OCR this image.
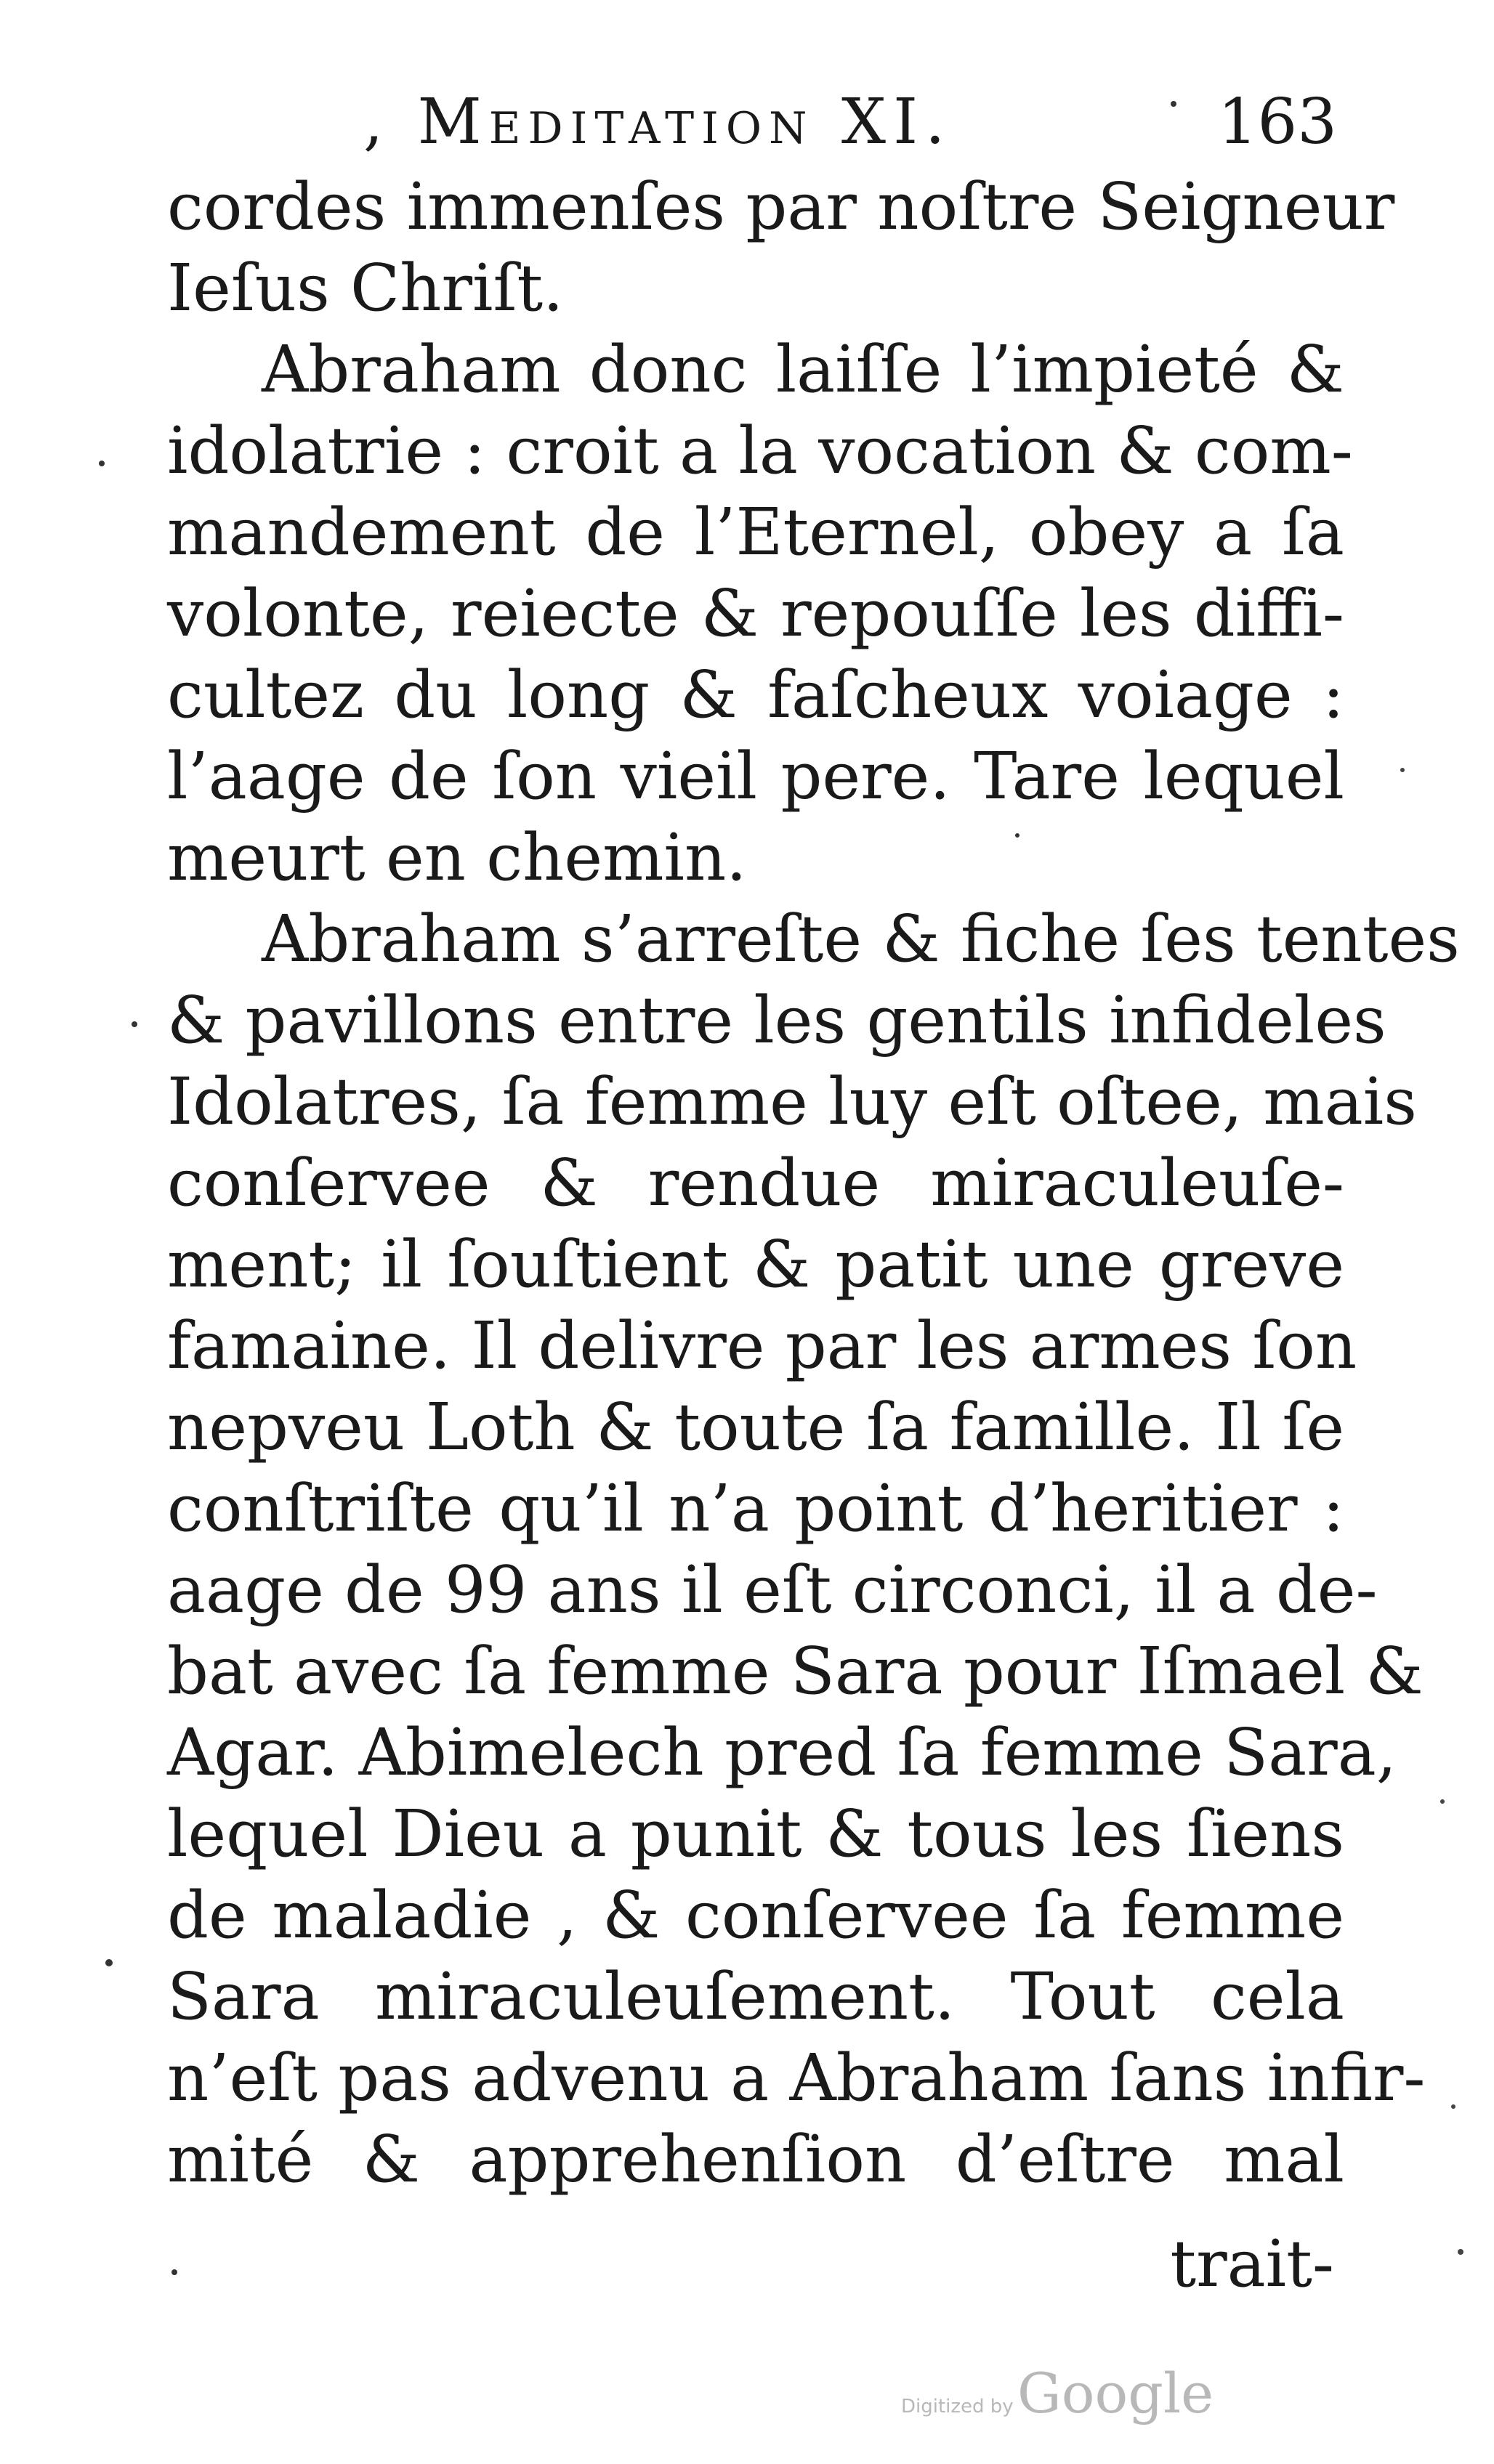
, Meditation XI.	163
cordes immenſes par noſtre Seigneur
Ieſus Chriſt.
Abraham donc laiſſe l’impieté &
idolatrie : croit a la vocation & com-
mandement de l’Eternel, obey a ſa
volonte, reiecte & repouſſe les diffi-
cultez du long & faſcheux voiage :
l’aage de ſon vieil pere. Tare lequel
meurt en chemin.
Abraham s’arreſte & fiche ſes tentes
& pavillons entre les gentils infideles
Idolatres, ſa femme luy eſt oſtee, mais
conſervee & rendue miraculeuſe-
ment; il ſouſtient & patit une greve
famaine. Il delivre par les armes ſon
nepveu Loth & toute ſa famille. Il ſe
conſtriſte qu’il n’a point d’heritier :
aage de 99 ans il eſt circonci, il a de-
bat avec ſa femme Sara pour Iſmael &
Agar. Abimelech pred ſa femme Sara,
lequel Dieu a punit & tous les ſiens
de maladie , & conſervee ſa femme
Sara miraculeuſement. Tout cela
n’eſt pas advenu a Abraham ſans infir-
mité & apprehenſion d’eſtre mal
trait-
Digitized by Google
